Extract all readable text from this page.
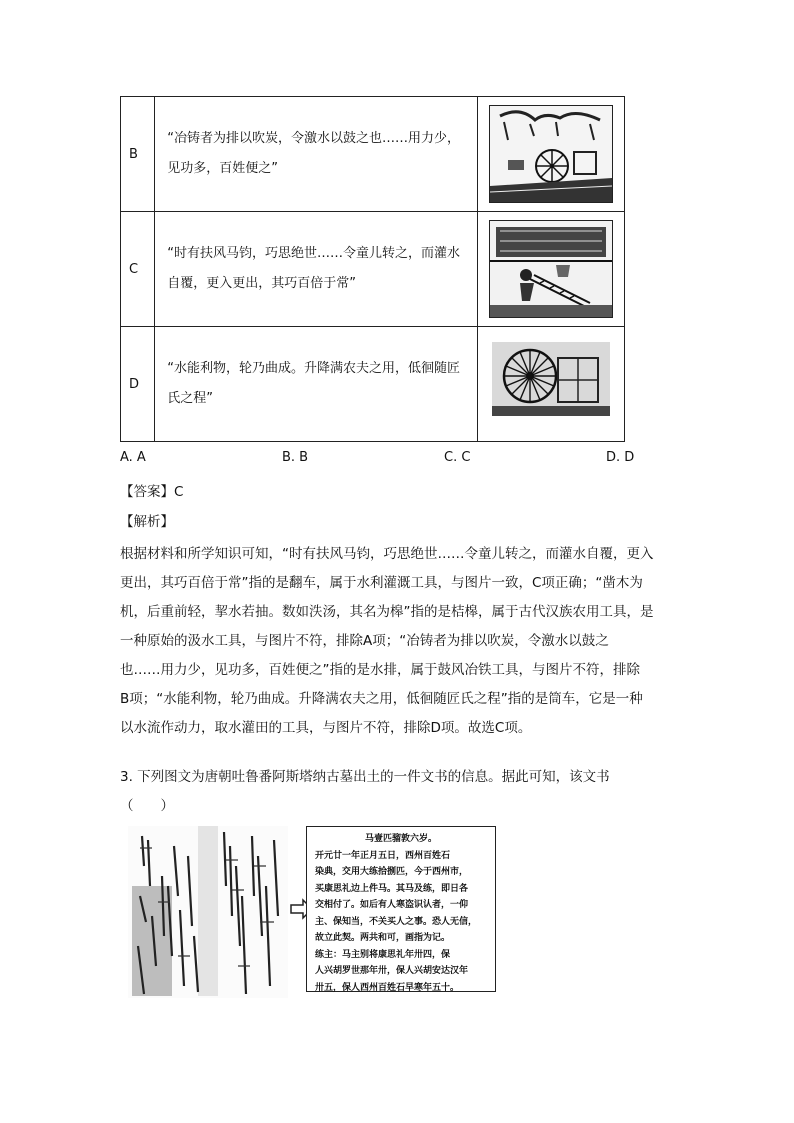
B	“冶铸者为排以吹炭，令激水以鼓之也……用力少，见功多，百姓便之”	

C	“时有扶风马钧，巧思绝世……令童儿转之，而灌水自覆，更入更出，其巧百倍于常”	

D	“水能利物，轮乃曲成。升降满农夫之用，低徊随匠氏之程”	
A. A	B. B	C. C	D. D
【答案】C
【解析】

根据材料和所学知识可知，“时有扶风马钧，巧思绝世……令童儿转之，而灌水自覆，更入

更出，其巧百倍于常”指的是翻车，属于水利灌溉工具，与图片一致，C项正确；“凿木为

机，后重前轻，挈水若抽。数如泆汤，其名为槔”指的是桔槔，属于古代汉族农用工具，是

一种原始的汲水工具，与图片不符，排除A项；“冶铸者为排以吹炭，令激水以鼓之

也……用力少，见功多，百姓便之”指的是水排，属于鼓风冶铁工具，与图片不符，排除

B项；“水能利物，轮乃曲成。升降满农夫之用，低徊随匠氏之程”指的是筒车，它是一种

以水流作动力，取水灌田的工具，与图片不符，排除D项。故选C项。

3. 下列图文为唐朝吐鲁番阿斯塔纳古墓出土的一件文书的信息。据此可知，该文书

（　　）

马壹匹骝敦六岁。

开元廿一年正月五日，西州百姓石

染典，交用大练拾捌匹，今于西州市，

买康思礼边上件马。其马及练，即日各

交相付了。如后有人寒盗识认者，一仰

主、保知当，不关买人之事。恐人无信，

故立此契。两共和可，画指为记。

练主：马主别将康思礼年卅四，保

人兴胡罗世那年卅，保人兴胡安达汉年

卅五，保人西州百姓石早寒年五十。
